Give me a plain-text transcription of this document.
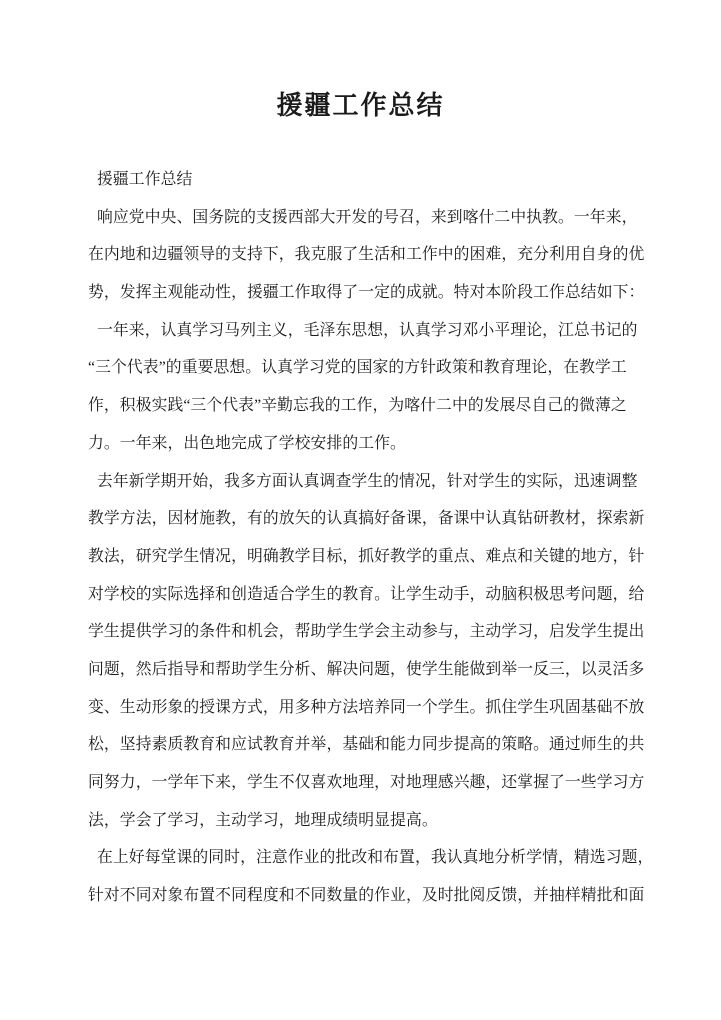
援疆工作总结
援疆工作总结
响应党中央、国务院的支援西部大开发的号召，来到喀什二中执教。一年来，
在内地和边疆领导的支持下，我克服了生活和工作中的困难，充分利用自身的优
势，发挥主观能动性，援疆工作取得了一定的成就。特对本阶段工作总结如下：
一年来，认真学习马列主义，毛泽东思想，认真学习邓小平理论，江总书记的
“三个代表”的重要思想。认真学习党的国家的方针政策和教育理论，在教学工
作，积极实践“三个代表”辛勤忘我的工作，为喀什二中的发展尽自己的微薄之
力。一年来，出色地完成了学校安排的工作。
去年新学期开始，我多方面认真调查学生的情况，针对学生的实际，迅速调整
教学方法，因材施教，有的放矢的认真搞好备课，备课中认真钻研教材，探索新
教法，研究学生情况，明确教学目标，抓好教学的重点、难点和关键的地方，针
对学校的实际选择和创造适合学生的教育。让学生动手，动脑积极思考问题，给
学生提供学习的条件和机会，帮助学生学会主动参与，主动学习，启发学生提出
问题，然后指导和帮助学生分析、解决问题，使学生能做到举一反三，以灵活多
变、生动形象的授课方式，用多种方法培养同一个学生。抓住学生巩固基础不放
松，坚持素质教育和应试教育并举，基础和能力同步提高的策略。通过师生的共
同努力，一学年下来，学生不仅喜欢地理，对地理感兴趣，还掌握了一些学习方
法，学会了学习，主动学习，地理成绩明显提高。
在上好每堂课的同时，注意作业的批改和布置，我认真地分析学情，精选习题，
针对不同对象布置不同程度和不同数量的作业，及时批阅反馈，并抽样精批和面
